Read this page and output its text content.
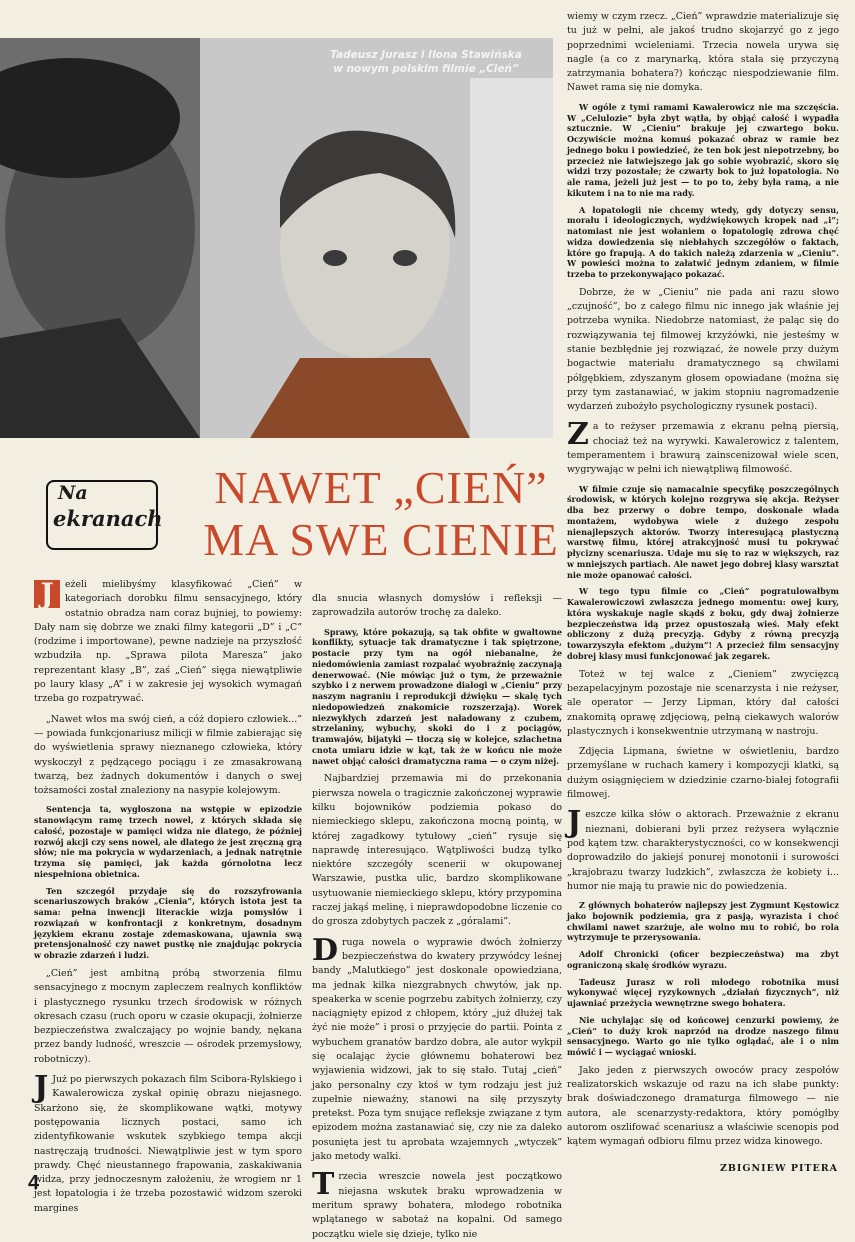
Tadeusz Jurasz i Ilona Stawińska
w nowym polskim filmie „Cień”
Na
ekranach
NAWET „CIEŃ”
MA SWE CIENIE

J	eżeli mielibyśmy klasyfikować „Cień” w kategoriach dorobku filmu sensacyjnego, który ostatnio obradza nam coraz bujniej, to powiemy: Dały nam się dobrze we znaki filmy kategorii „D” i „C” (rodzime i importowane), pewne nadzieje na przyszłość wzbudziła np. „Sprawa pilota Maresza” jako reprezentant klasy „B”, zaś „Cień” sięga niewątpliwie po laury klasy „A” i w zakresie jej wysokich wymagań trzeba go rozpatrywać.

„Nawet włos ma swój cień, a cóż dopiero człowiek...” — powiada funkcjonariusz milicji w filmie zabierając się do wyświetlenia sprawy nieznanego człowieka, który wyskoczył z pędzącego pociągu i ze zmasakrowaną twarzą, bez żadnych dokumentów i danych o swej tożsamości został znaleziony na nasypie kolejowym.

Sentencja ta, wygłoszona na wstępie w epizodzie stanowiącym ramę trzech nowel, z których składa się całość, pozostaje w pamięci widza nie dlatego, że później rozwój akcji czy sens nowel, ale dlatego że jest zręczną grą słów; nie ma pokrycia w wydarzeniach, a jednak natrętnie trzyma się pamięci, jak każda górnolotna lecz niespełniona obietnica.

Ten szczegół przydaje się do rozszyfrowania scenariuszowych braków „Cienia”, których istota jest ta sama: pełna inwencji literackie wizja pomysłów i rozwiązań w konfrontacji z konkretnym, dosadnym językiem ekranu zostaje zdemaskowana, ujawnia swą pretensjonalność czy nawet pustkę nie znajdując pokrycia w obrazie zdarzeń i ludzi.

„Cień” jest ambitną próbą stworzenia filmu sensacyjnego z mocnym zapleczem realnych konfliktów i plastycznego rysunku trzech środowisk w różnych okresach czasu (ruch oporu w czasie okupacji, żołnierze bezpieczeństwa zwalczający po wojnie bandy, nękana przez bandy ludność, wreszcie — ośrodek przemysłowy, robotniczy).

J Już po pierwszych pokazach film Scibora-Rylskiego i Kawalerowicza zyskał opinię obrazu niejasnego. Skarżono się, że skomplikowane wątki, motywy postępowania licznych postaci, samo ich zidentyfikowanie wskutek szybkiego tempa akcji nastręczają trudności. Niewątpliwie jest w tym sporo prawdy. Chęć nieustannego frapowania, zaskakiwania widza, przy jednoczesnym założeniu, że wrogiem nr 1 jest łopatologia i że trzeba pozostawić widzom szeroki margines

dla snucia własnych domysłów i refleksji — zaprowadziła autorów trochę za daleko.

Sprawy, które pokazują, są tak obfite w gwałtowne konflikty, sytuacje tak dramatyczne i tak spiętrzone, postacie przy tym na ogół niebanalne, że niedomówienia zamiast rozpalać wyobraźnię zaczynają denerwować. (Nie mówiąc już o tym, że przeważnie szybko i z nerwem prowadzone dialogi w „Cieniu” przy naszym nagraniu i reprodukcji dźwięku — skalę tych niedopowiedzeń znakomicie rozszerzają). Worek niezwykłych zdarzeń jest naładowany z czubem, strzelaniny, wybuchy, skoki do i z pociągów, tramwajów, bijatyki — tłoczą się w kolejce, szlachetna cnota umiaru idzie w kąt, tak że w końcu nie może nawet objąć całości dramatyczna rama — o czym niżej.

Najbardziej przemawia mi do przekonania pierwsza nowela o tragicznie zakończonej wyprawie kilku bojowników podziemia pokaso do niemieckiego sklepu, zakończona mocną pointą, w której zagadkowy tytułowy „cień” rysuje się naprawdę interesująco. Wątpliwości budzą tylko niektóre szczegóły scenerii w okupowanej Warszawie, pustka ulic, bardzo skomplikowane usytuowanie niemieckiego sklepu, który przypomina raczej jakąś melinę, i nieprawdopodobne liczenie co do grosza zdobytych paczek z „góralami”.

Druga nowela o wyprawie dwóch żołnierzy bezpieczeństwa do kwatery przywódcy leśnej bandy „Malutkiego” jest doskonale opowiedziana, ma jednak kilka niezgrabnych chwytów, jak np. speakerka w scenie pogrzebu zabitych żołnierzy, czy naciągnięty epizod z chłopem, który „już dłużej tak żyć nie może” i prosi o przyjęcie do partii. Pointa z wybuchem granatów bardzo dobra, ale autor wykpił się ocalając życie głównemu bohaterowi bez wyjawienia widzowi, jak to się stało. Tutaj „cień” jako personalny czy ktoś w tym rodzaju jest już zupełnie niewaźny, stanowi na siłę przyszyty pretekst. Poza tym snujące refleksje związane z tym epizodem można zastanawiać się, czy nie za daleko posunięta jest tu aprobata wzajemnych „wtyczek” jako metody walki.

Trzecia wreszcie nowela jest początkowo niejasna wskutek braku wprowadzenia w meritum sprawy bohatera, młodego robotnika wplątanego w sabotaż na kopalni. Od samego początku wiele się dzieje, tylko nie

wiemy w czym rzecz. „Cień” wprawdzie materializuje się tu już w pełni, ale jakoś trudno skojarzyć go z jego poprzednimi wcieleniami. Trzecia nowela urywa się nagle (a co z marynarką, która stała się przyczyną zatrzymania bohatera?) kończąc niespodziewanie film. Nawet rama się nie domyka.

W ogóle z tymi ramami Kawalerowicz nie ma szczęścia. W „Celulozie” była zbyt wątła, by objąć całość i wypadła sztucznie. W „Cieniu” brakuje jej czwartego boku. Oczywiście można komuś pokazać obraz w ramie bez jednego boku i powiedzieć, że ten bok jest niepotrzebny, bo przecież nie łatwiejszego jak go sobie wyobrazić, skoro się widzi trzy pozostałe; że czwarty bok to już łopatologia. No ale rama, jeżeli już jest — to po to, żeby była ramą, a nie kikutem i na to nie ma rady.

A łopatologii nie chcemy wtedy, gdy dotyczy sensu, morału i ideologicznych, wydźwiękowych kropek nad „i”; natomiast nie jest wołaniem o łopatologię zdrowa chęć widza dowiedzenia się niebłahych szczegółów o faktach, które go frapują. A do takich należą zdarzenia w „Cieniu”. W powieści można to załatwić jednym zdaniem, w filmie trzeba to przekonywająco pokazać.

Dobrze, że w „Cieniu” nie pada ani razu słowo „czujność”, bo z całego filmu nic innego jak właśnie jej potrzeba wynika. Niedobrze natomiast, że paląc się do rozwiązywania tej filmowej krzyżówki, nie jesteśmy w stanie bezbłędnie jej rozwiązać, że nowele przy dużym bogactwie materiału dramatycznego są chwilami półgębkiem, zdyszanym głosem opowiadane (można się przy tym zastanawiać, w jakim stopniu nagromadzenie wydarzeń zubożyło psychologiczny rysunek postaci).

Za to reżyser przemawia z ekranu pełną piersią, chociaż też na wyrywki. Kawalerowicz z talentem, temperamentem i brawurą zainscenizował wiele scen, wygrywając w pełni ich niewątpliwą filmowość.

W filmie czuje się namacalnie specyfikę poszczególnych środowisk, w których kolejno rozgrywa się akcja. Reżyser dba bez przerwy o dobre tempo, doskonale włada montażem, wydobywa wiele z dużego zespołu nienajlepszych aktorów. Tworzy interesującą plastyczną warstwę filmu, której atrakcyjność musi tu pokrywać płycizny scenariusza. Udaje mu się to raz w większych, raz w mniejszych partiach. Ale nawet jego dobrej klasy warsztat nie może opanować całości.

W tego typu filmie co „Cień” pogratulowałbym Kawalerowiczowi zwłaszcza jednego momentu: owej kury, która wyskakuje nagle skądś z boku, gdy dwaj żołnierze bezpieczeństwa idą przez opustoszałą wieś. Mały efekt obliczony z dużą precyzją. Gdyby z równą precyzją towarzyszyła efektom „dużym”! A przecież film sensacyjny dobrej klasy musi funkcjonować jak zegarek.

Toteż w tej walce z „Cieniem” zwycięzcą bezapelacyjnym pozostaje nie scenarzysta i nie reżyser, ale operator — Jerzy Lipman, który dał całości znakomitą oprawę zdjęciową, pełną ciekawych walorów plastycznych i konsekwentnie utrzymaną w nastroju.

Zdjęcia Lipmana, świetne w oświetleniu, bardzo przemyślane w ruchach kamery i kompozycji klatki, są dużym osiągnięciem w dziedzinie czarno-białej fotografii filmowej.

Jeszcze kilka słów o aktorach. Przeważnie z ekranu nieznani, dobierani byli przez reżysera wyłącznie pod kątem tzw. charakterystyczności, co w konsekwencji doprowadziło do jakiejś ponurej monotonii i surowości „krajobrazu twarzy ludzkich”, zwłaszcza że kobiety i... humor nie mają tu prawie nic do powiedzenia.

Z głównych bohaterów najlepszy jest Zygmunt Kęstowicz jako bojownik podziemia, gra z pasją, wyrazista i choć chwilami nawet szarżuje, ale wolno mu to robić, bo rola wytrzymuje te przerysowania.

Adolf Chronicki (oficer bezpieczeństwa) ma zbyt ograniczoną skalę środków wyrazu.

Tadeusz Jurasz w roli młodego robotnika musi wykonywać więcej ryzykownych „działań fizycznych”, niż ujawniać przeżycia wewnętrzne swego bohatera.

Nie uchylając się od końcowej cenzurki powiemy, że „Cień” to duży krok naprzód na drodze naszego filmu sensacyjnego. Warto go nie tylko oglądać, ale i o nim mówić i — wyciągać wnioski.

Jako jeden z pierwszych owoców pracy zespołów realizatorskich wskazuje od razu na ich słabe punkty: brak doświadczonego dramaturga filmowego — nie autora, ale scenarzysty-redaktora, który pomógłby autorom oszlifować scenariusz a właściwie scenopis pod kątem wymagań odbioru filmu przez widza kinowego.

ZBIGNIEW PITERA
4
